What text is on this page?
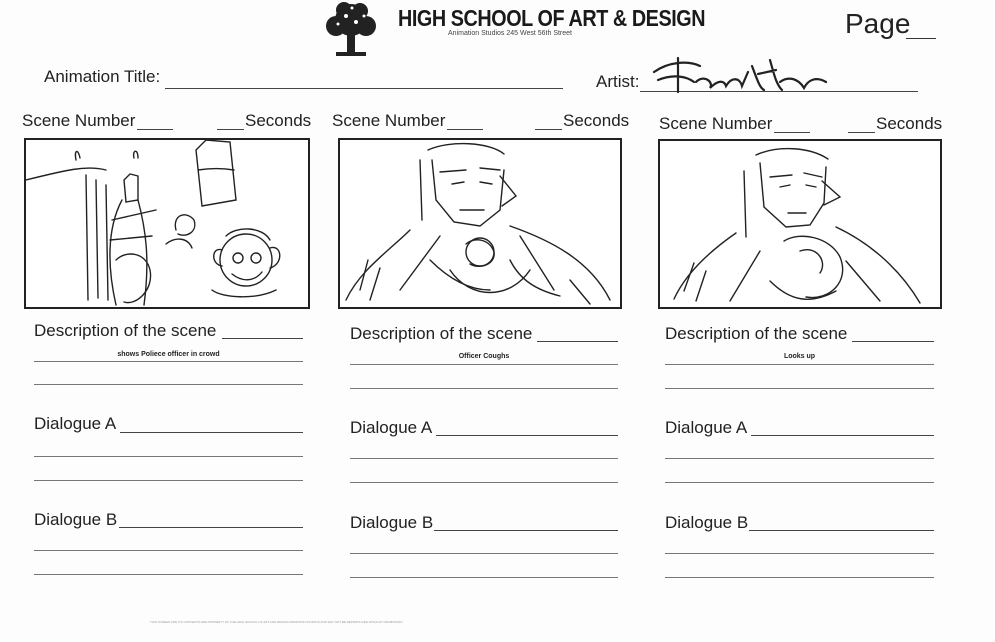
HIGH SCHOOL OF ART & DESIGN
Animation Studios 245 West 56th Street	Page
Animation Title:	Artist:
Scene Number	Seconds
Description of the scene
shows Poliece officer in crowd
Dialogue A
Dialogue B
Scene Number	Seconds
Description of the scene
Officer Coughs
Dialogue A
Dialogue B
Scene Number	Seconds
Description of the scene
Looks up
Dialogue A
Dialogue B
THIS SCREEN AND ITS CONTENTS ARE PROPERTY OF THE HIGH SCHOOL OF ART AND DESIGN ANIMATION STUDIOS AND MAY NOT BE REPRODUCED WITHOUT PERMISSION
